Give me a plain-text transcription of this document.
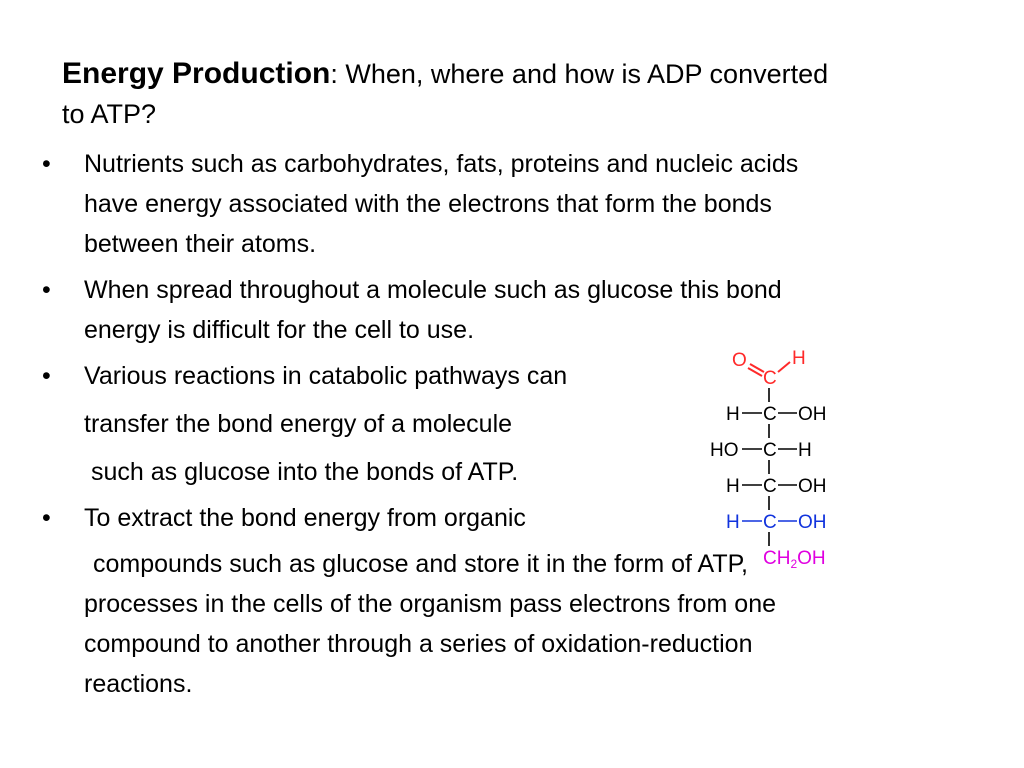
Energy Production: When, where and how is ADP converted
to ATP?
• Nutrients such as carbohydrates, fats, proteins and nucleic acids
have energy associated with the electrons that form the bonds
between their atoms.
• When spread throughout a molecule such as glucose this bond
energy is difficult for the cell to use.
• Various reactions in catabolic pathways can
transfer the bond energy of a molecule
such as glucose into the bonds of ATP.
• To extract the bond energy from organic
compounds such as glucose and store it in the form of ATP,
processes in the cells of the organism pass electrons from one
compound to another through a series of oxidation-reduction
reactions.
O H
C
H C OH
HO C H
H C OH
H C OH
$CH_2OH$
